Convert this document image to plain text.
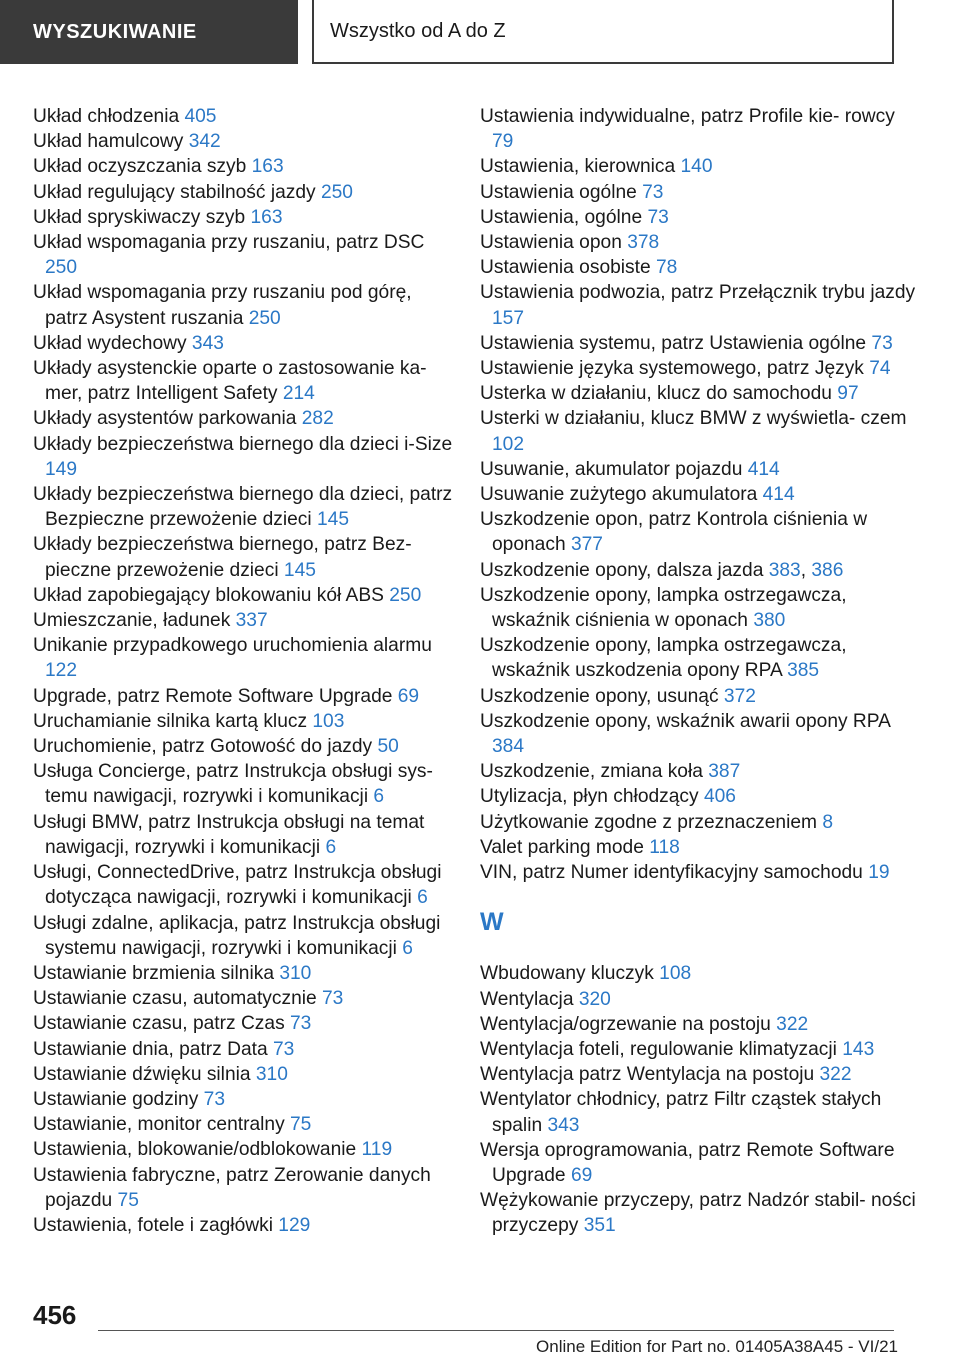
WYSZUKIWANIE	Wszystko od A do Z
Układ chłodzenia 405
Układ hamulcowy 342
Układ oczyszczania szyb 163
Układ regulujący stabilność jazdy 250
Układ spryskiwaczy szyb 163
Układ wspomagania przy ruszaniu, patrz DSC 250
Układ wspomagania przy ruszaniu pod górę, patrz Asystent ruszania 250
Układ wydechowy 343
Układy asystenckie oparte o zastosowanie ka- mer, patrz Intelligent Safety 214
Układy asystentów parkowania 282
Układy bezpieczeństwa biernego dla dzieci i-Size 149
Układy bezpieczeństwa biernego dla dzieci, patrz Bezpieczne przewożenie dzieci 145
Układy bezpieczeństwa biernego, patrz Bez- pieczne przewożenie dzieci 145
Układ zapobiegający blokowaniu kół ABS 250
Umieszczanie, ładunek 337
Unikanie przypadkowego uruchomienia alarmu 122
Upgrade, patrz Remote Software Upgrade 69
Uruchamianie silnika kartą klucz 103
Uruchomienie, patrz Gotowość do jazdy 50
Usługa Concierge, patrz Instrukcja obsługi sys- temu nawigacji, rozrywki i komunikacji 6
Usługi BMW, patrz Instrukcja obsługi na temat nawigacji, rozrywki i komunikacji 6
Usługi, ConnectedDrive, patrz Instrukcja obsługi dotycząca nawigacji, rozrywki i komunikacji 6
Usługi zdalne, aplikacja, patrz Instrukcja obsługi systemu nawigacji, rozrywki i komunikacji 6
Ustawianie brzmienia silnika 310
Ustawianie czasu, automatycznie 73
Ustawianie czasu, patrz Czas 73
Ustawianie dnia, patrz Data 73
Ustawianie dźwięku silnia 310
Ustawianie godziny 73
Ustawianie, monitor centralny 75
Ustawienia, blokowanie/odblokowanie 119
Ustawienia fabryczne, patrz Zerowanie danych pojazdu 75
Ustawienia, fotele i zagłówki 129
Ustawienia indywidualne, patrz Profile kie- rowcy 79
Ustawienia, kierownica 140
Ustawienia ogólne 73
Ustawienia, ogólne 73
Ustawienia opon 378
Ustawienia osobiste 78
Ustawienia podwozia, patrz Przełącznik trybu jazdy 157
Ustawienia systemu, patrz Ustawienia ogólne 73
Ustawienie języka systemowego, patrz Język 74
Usterka w działaniu, klucz do samochodu 97
Usterki w działaniu, klucz BMW z wyświetla- czem 102
Usuwanie, akumulator pojazdu 414
Usuwanie zużytego akumulatora 414
Uszkodzenie opon, patrz Kontrola ciśnienia w oponach 377
Uszkodzenie opony, dalsza jazda 383, 386
Uszkodzenie opony, lampka ostrzegawcza, wskaźnik ciśnienia w oponach 380
Uszkodzenie opony, lampka ostrzegawcza, wskaźnik uszkodzenia opony RPA 385
Uszkodzenie opony, usunąć 372
Uszkodzenie opony, wskaźnik awarii opony RPA 384
Uszkodzenie, zmiana koła 387
Utylizacja, płyn chłodzący 406
Użytkowanie zgodne z przeznaczeniem 8
Valet parking mode 118
VIN, patrz Numer identyfikacyjny samochodu 19
W
Wbudowany kluczyk 108
Wentylacja 320
Wentylacja/ogrzewanie na postoju 322
Wentylacja foteli, regulowanie klimatyzacji 143
Wentylacja patrz Wentylacja na postoju 322
Wentylator chłodnicy, patrz Filtr cząstek stałych spalin 343
Wersja oprogramowania, patrz Remote Software Upgrade 69
Wężykowanie przyczepy, patrz Nadzór stabil- ności przyczepy 351
456
Online Edition for Part no. 01405A38A45 - VI/21
